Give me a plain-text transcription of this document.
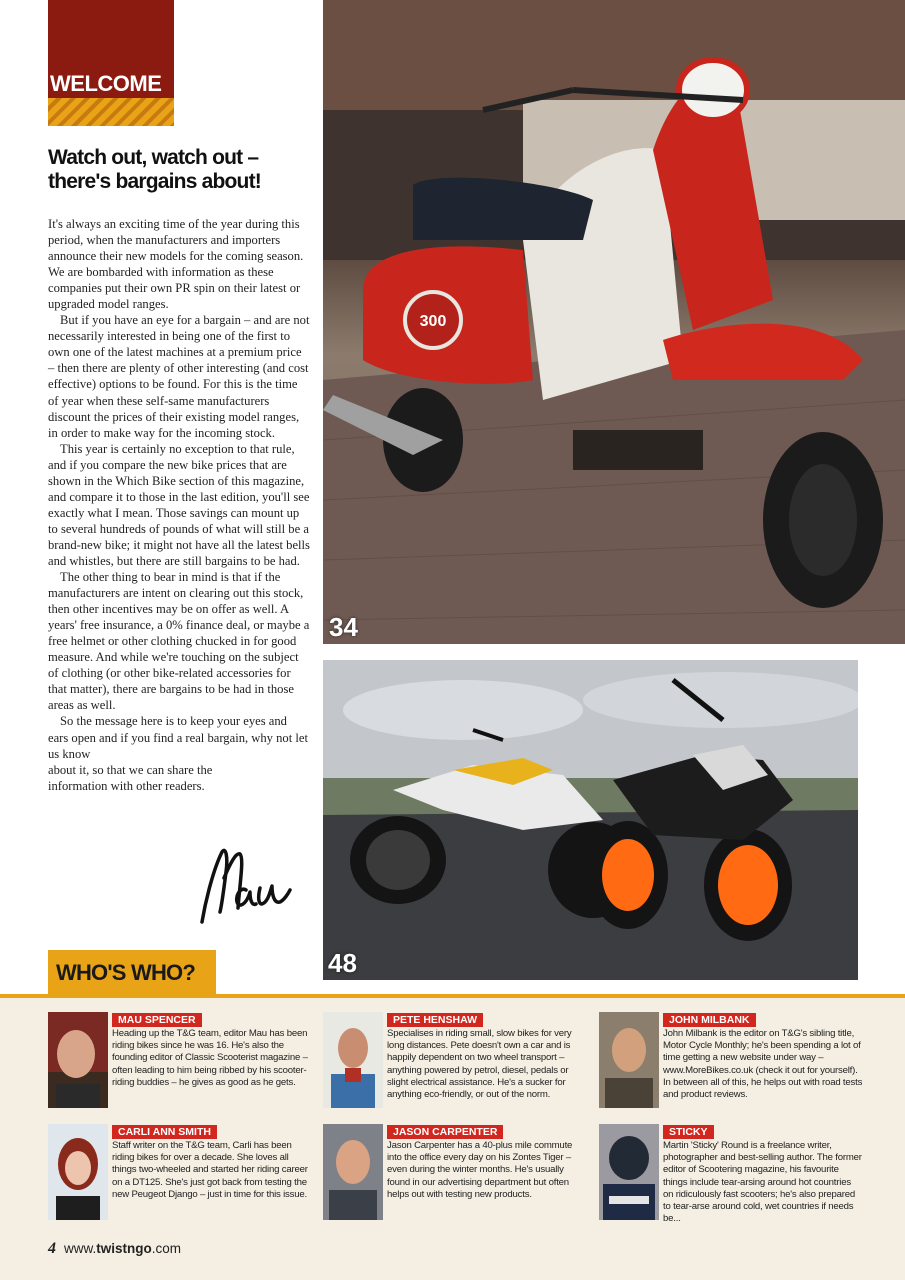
WELCOME
Watch out, watch out – there's bargains about!

It's always an exciting time of the year during this period, when the manufacturers and importers announce their new models for the coming season. We are bombarded with information as these companies put their own PR spin on their latest or upgraded model ranges.

But if you have an eye for a bargain – and are not necessarily interested in being one of the first to own one of the latest machines at a premium price – then there are plenty of other interesting (and cost effective) options to be found. For this is the time of year when these self-same manufacturers discount the prices of their existing model ranges, in order to make way for the incoming stock.

This year is certainly no exception to that rule, and if you compare the new bike prices that are shown in the Which Bike section of this magazine, and compare it to those in the last edition, you'll see exactly what I mean. Those savings can mount up to several hundreds of pounds of what will still be a brand-new bike; it might not have all the latest bells and whistles, but there are still bargains to be had.

The other thing to bear in mind is that if the manufacturers are intent on clearing out this stock, then other incentives may be on offer as well. A years' free insurance, a 0% finance deal, or maybe a free helmet or other clothing chucked in for good measure. And while we're touching on the subject of clothing (or other bike-related accessories for that matter), there are bargains to be had in those areas as well.

So the message here is to keep your eyes and ears open and if you find a real bargain, why not let us know

about it, so that we can share the information with other readers.

300
34
48
WHO'S WHO?
MAU SPENCER
Heading up the T&G team, editor Mau has been riding bikes since he was 16. He's also the founding editor of Classic Scooterist magazine – often leading to him being ribbed by his scooter-riding buddies – he gives as good as he gets.
PETE HENSHAW
Specialises in riding small, slow bikes for very long distances. Pete doesn't own a car and is happily dependent on two wheel transport – anything powered by petrol, diesel, pedals or slight electrical assistance. He's a sucker for anything eco-friendly, or out of the norm.
JOHN MILBANK
John Milbank is the editor on T&G's sibling title, Motor Cycle Monthly; he's been spending a lot of time getting a new website under way – www.MoreBikes.co.uk (check it out for yourself). In between all of this, he helps out with road tests and product reviews.
CARLI ANN SMITH
Staff writer on the T&G team, Carli has been riding bikes for over a decade. She loves all things two-wheeled and started her riding career on a DT125. She's just got back from testing the new Peugeot Django – just in time for this issue.
JASON CARPENTER
Jason Carpenter has a 40-plus mile commute into the office every day on his Zontes Tiger – even during the winter months. He's usually found in our advertising department but often helps out with testing new products.
STICKY
Martin 'Sticky' Round is a freelance writer, photographer and best-selling author. The former editor of Scootering magazine, his favourite things include tear-arsing around hot countries on ridiculously fast scooters; he's also prepared to tear-arse around cold, wet countries if needs be...
4 www.twistngo.com
